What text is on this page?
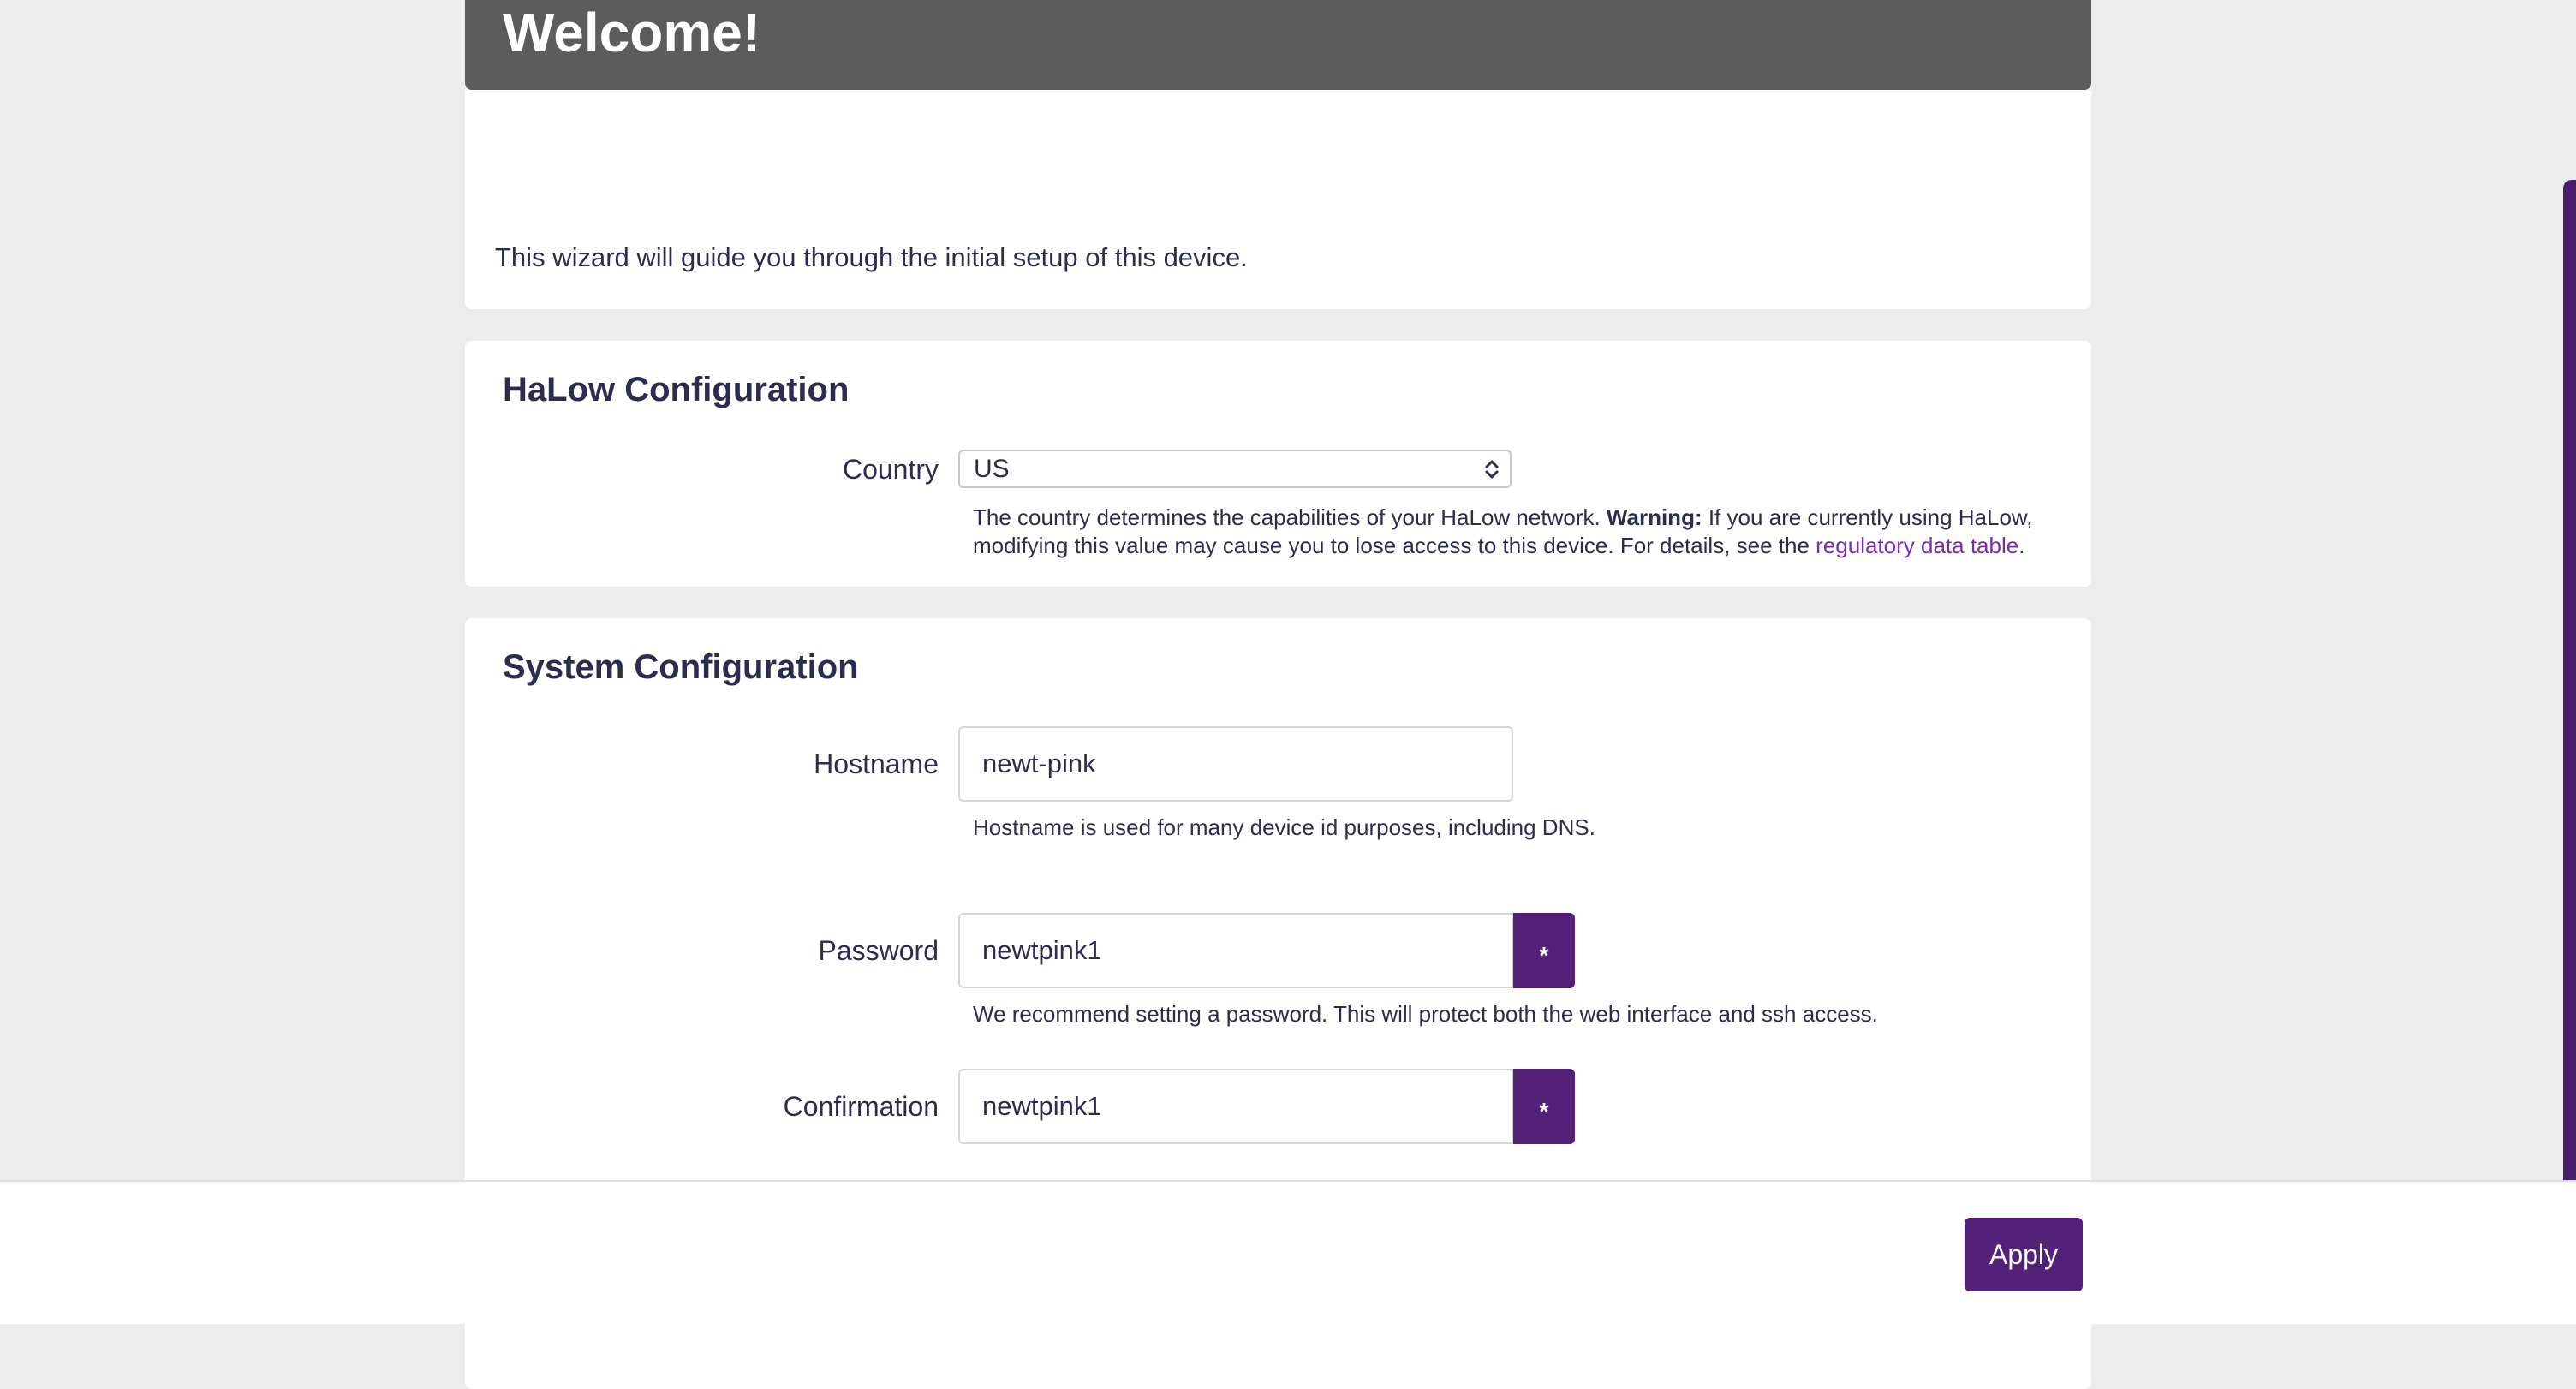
Welcome!

This wizard will guide you through the initial setup of this device.

HaLow Configuration
Country US

The country determines the capabilities of your HaLow network. Warning: If you are currently using HaLow, modifying this value may cause you to lose access to this device. For details, see the regulatory data table.

System Configuration
Hostname	newt-pink

Hostname is used for many device id purposes, including DNS.

Password	newtpink1	*

We recommend setting a password. This will protect both the web interface and ssh access.

Confirmation	newtpink1	*
Apply
